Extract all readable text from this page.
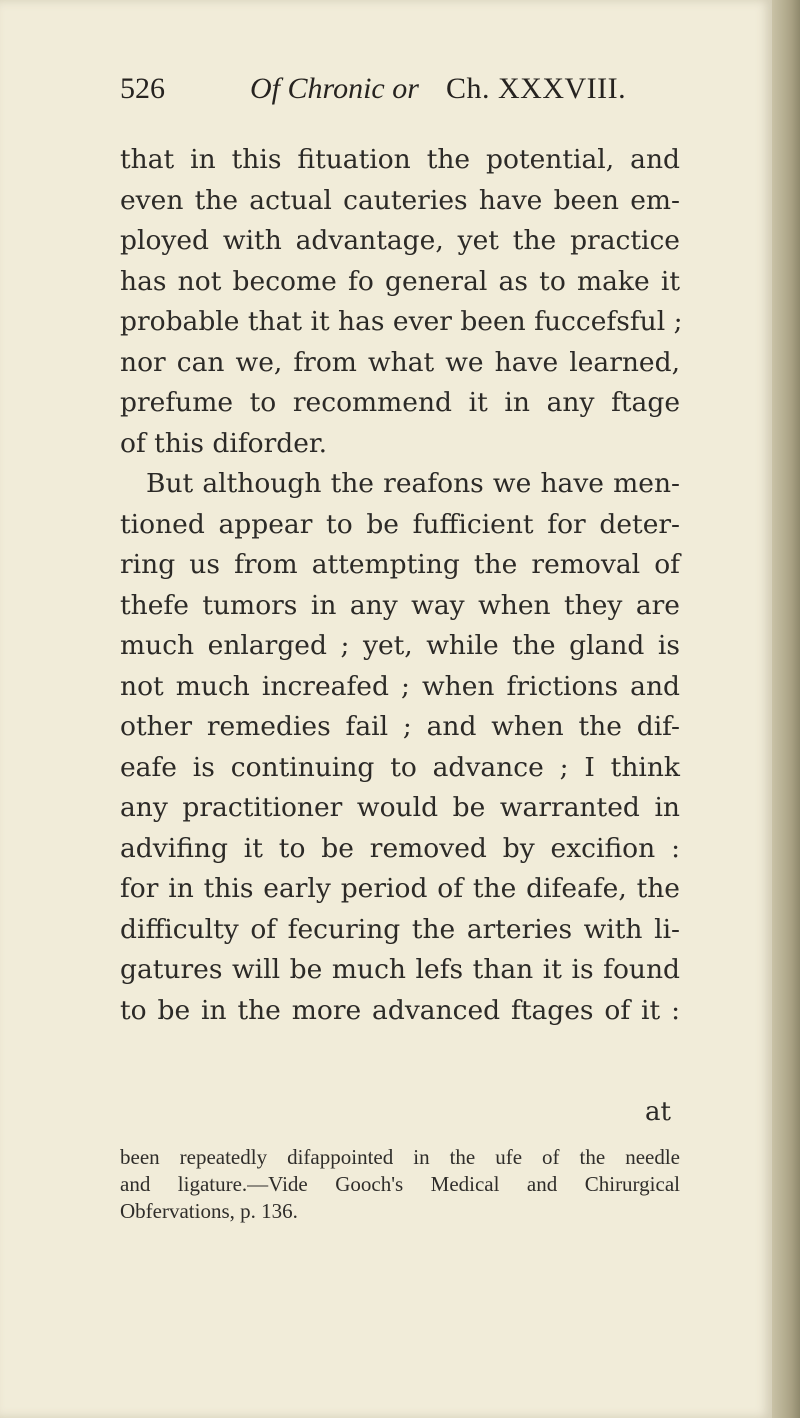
526	Of Chronic or Ch. XXXVIII.
that in this fituation the potential, and
even the actual cauteries have been em-
ployed with advantage, yet the practice
has not become fo general as to make it
probable that it has ever been fuccefsful ;
nor can we, from what we have learned,
prefume to recommend it in any ftage
of this diforder.
But although the reafons we have men-
tioned appear to be fufficient for deter-
ring us from attempting the removal of
thefe tumors in any way when they are
much enlarged ; yet, while the gland is
not much increafed ; when frictions and
other remedies fail ; and when the dif-
eafe is continuing to advance ; I think
any practitioner would be warranted in
advifing it to be removed by excifion :
for in this early period of the difeafe, the
difficulty of fecuring the arteries with li-
gatures will be much lefs than it is found
to be in the more advanced ftages of it :
at
been repeatedly difappointed in the ufe of the needle
and ligature.—Vide Gooch's Medical and Chirurgical
Obfervations, p. 136.
